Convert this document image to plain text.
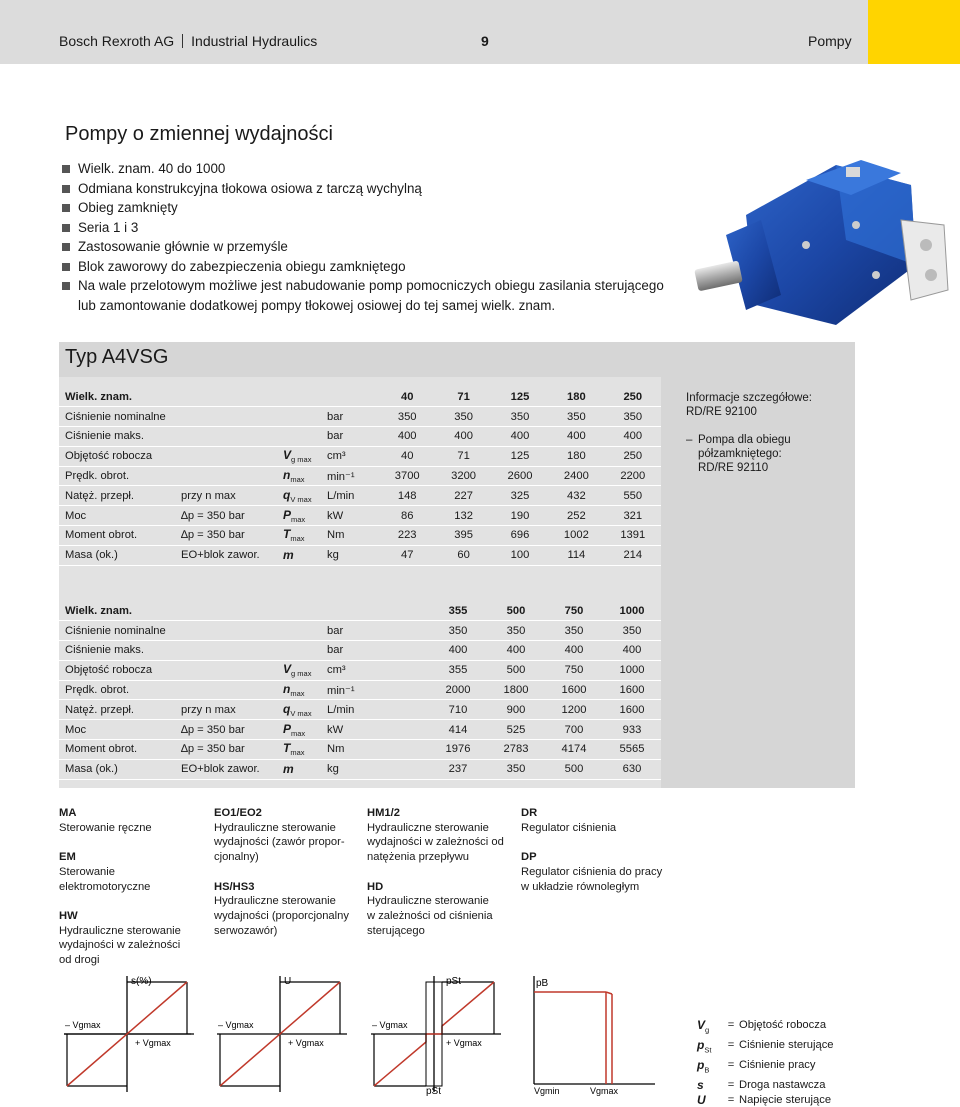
Bosch Rexroth AG Industrial Hydraulics	9	Pompy
Pompy o zmiennej wydajności
Wielk. znam. 40 do 1000
Odmiana konstrukcyjna tłokowa osiowa z tarczą wychylną
Obieg zamknięty
Seria 1 i 3
Zastosowanie głównie w przemyśle
Blok zaworowy do zabezpieczenia obiegu zamkniętego
Na wale przelotowym możliwe jest nabudowanie pomp pomocniczych obiegu zasilania sterującego lub zamontowanie dodatkowej pompy tłokowej osiowej do tej samej wielk. znam.
Typ A4VSG
Wielk. znam.				40	71	125	180	250
Ciśnienie nominalne			bar	350	350	350	350	350
Ciśnienie maks.			bar	400	400	400	400	400
Objętość robocza		$V_{g max}$	cm³	40	71	125	180	250
Prędk. obrot.		$n_{max}$	min⁻¹	3700	3200	2600	2400	2200
Natęż. przepł.	przy n max	$q_{V max}$	L/min	148	227	325	432	550
Moc	∆p = 350 bar	$P_{max}$	kW	86	132	190	252	321
Moment obrot.	∆p = 350 bar	$T_{max}$	Nm	223	395	696	1002	1391
Masa (ok.)	EO+blok zawor.	m	kg	47	60	100	114	214
Wielk. znam.					355	500	750	1000
Ciśnienie nominalne			bar		350	350	350	350
Ciśnienie maks.			bar		400	400	400	400
Objętość robocza		$V_{g max}$	cm³		355	500	750	1000
Prędk. obrot.		$n_{max}$	min⁻¹		2000	1800	1600	1600
Natęż. przepł.	przy n max	$q_{V max}$	L/min		710	900	1200	1600
Moc	∆p = 350 bar	$P_{max}$	kW		414	525	700	933
Moment obrot.	∆p = 350 bar	$T_{max}$	Nm		1976	2783	4174	5565
Masa (ok.)	EO+blok zawor.	m	kg		237	350	500	630
Informacje szczegółowe:
RD/RE 92100
– Pompa dla obiegu
półzamkniętego:
RD/RE 92110
MA
Sterowanie ręczne
EM
Sterowanie
elektromotoryczne
HW
Hydrauliczne sterowanie
wydajności w zależności
od drogi
EO1/EO2
Hydrauliczne sterowanie
wydajności (zawór propor-
cjonalny)
HS/HS3
Hydrauliczne sterowanie
wydajności (proporcjonalny
serwozawór)
HM1/2
Hydrauliczne sterowanie
wydajności w zależności od
natężenia przepływu
HD
Hydrauliczne sterowanie
w zależności od ciśnienia
sterującego
DR
Regulator ciśnienia
DP
Regulator ciśnienia do pracy
w układzie równoległym
s(%)
– Vgmax
+ Vgmax
U
– Vgmax
+ Vgmax
pSt
– Vgmax
+ Vgmax
pSt
pB
Vgmin	Vgmax
$V_g$	= Objętość robocza
$p_{St}$	= Ciśnienie sterujące
$p_B$	= Ciśnienie pracy
s	= Droga nastawcza
U	= Napięcie sterujące
